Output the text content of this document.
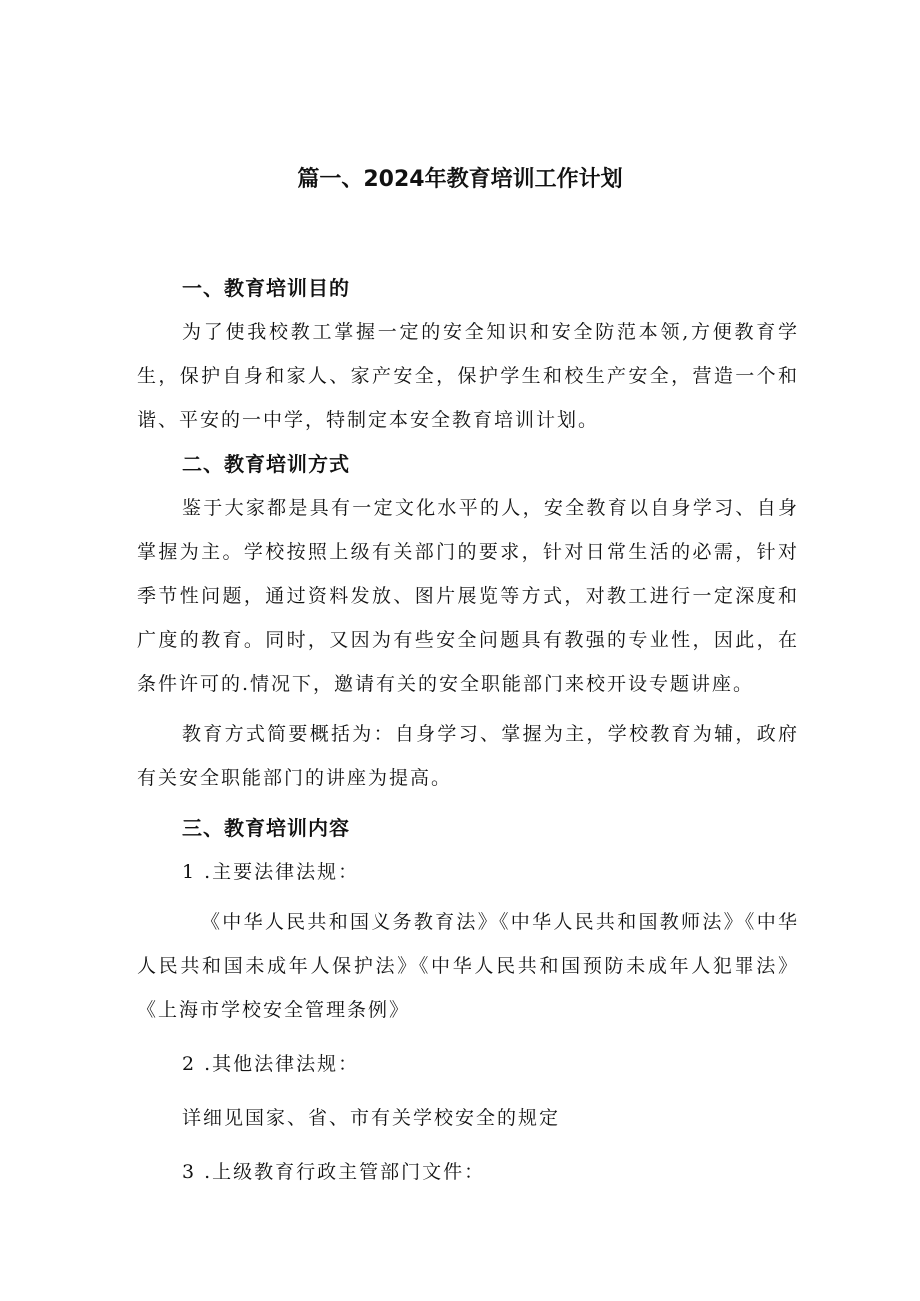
篇一、2024年教育培训工作计划
一、教育培训目的

为了使我校教工掌握一定的安全知识和安全防范本领,方便教育学生，保护自身和家人、家产安全，保护学生和校生产安全，营造一个和谐、平安的一中学，特制定本安全教育培训计划。

二、教育培训方式

鉴于大家都是具有一定文化水平的人，安全教育以自身学习、自身掌握为主。学校按照上级有关部门的要求，针对日常生活的必需，针对季节性问题，通过资料发放、图片展览等方式，对教工进行一定深度和广度的教育。同时，又因为有些安全问题具有教强的专业性，因此，在条件许可的.情况下，邀请有关的安全职能部门来校开设专题讲座。

教育方式简要概括为：自身学习、掌握为主，学校教育为辅，政府有关安全职能部门的讲座为提高。

三、教育培训内容
1 .主要法律法规：

《中华人民共和国义务教育法》《中华人民共和国教师法》《中华人民共和国未成年人保护法》《中华人民共和国预防未成年人犯罪法》《上海市学校安全管理条例》

2 .其他法律法规：

详细见国家、省、市有关学校安全的规定

3 .上级教育行政主管部门文件：
